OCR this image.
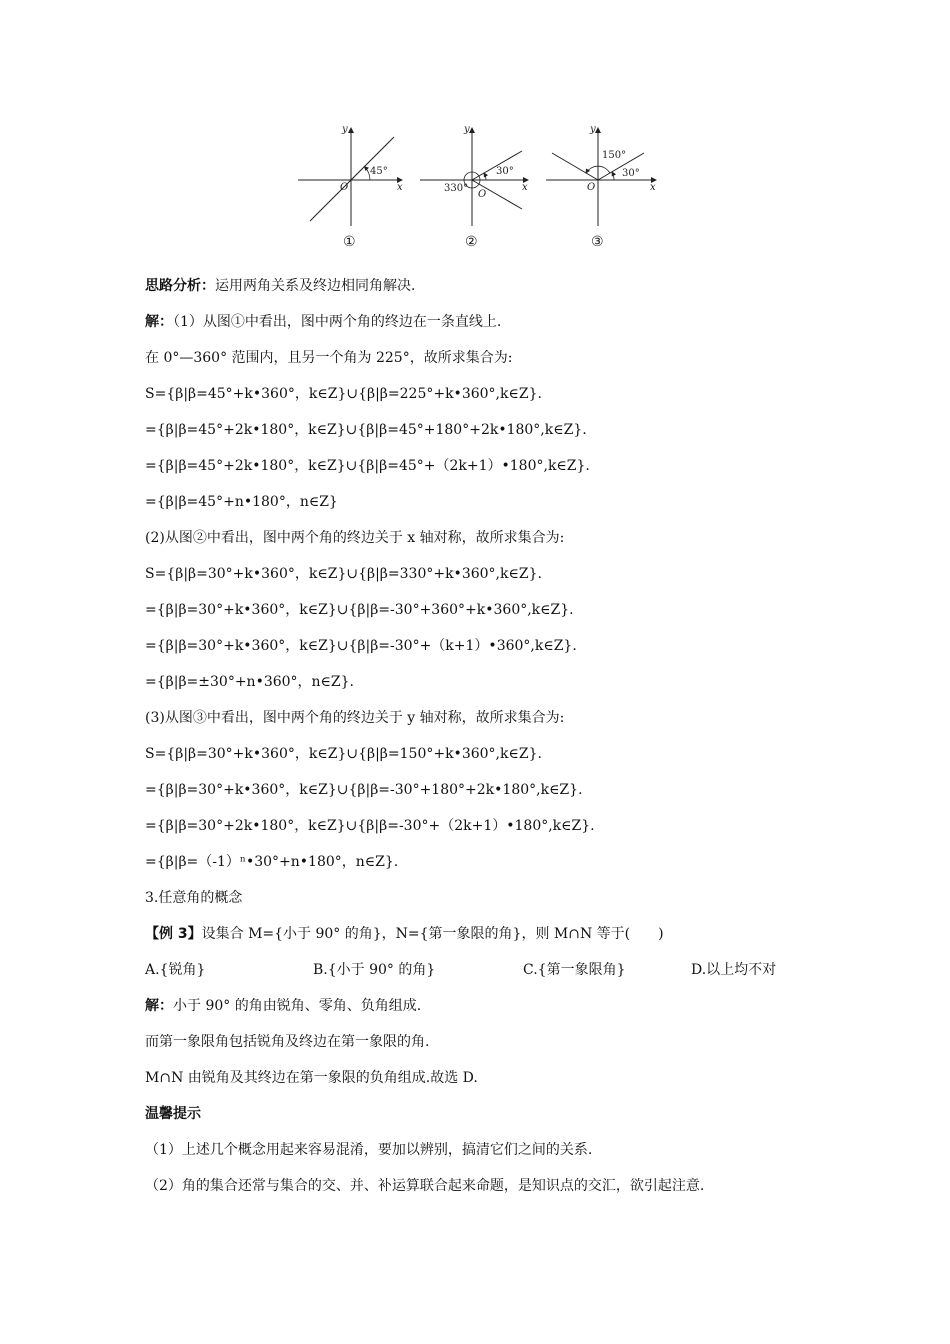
45°
y
x
O
①
30°
330°
y
x
O
②
30°
150°
y
x
O
③
思路分析：运用两角关系及终边相同角解决.
解：（1）从图①中看出，图中两个角的终边在一条直线上.
在 0°—360° 范围内，且另一个角为 225°，故所求集合为:
S={β|β=45°+k•360°，k∈Z}∪{β|β=225°+k•360°,k∈Z}.
={β|β=45°+2k•180°，k∈Z}∪{β|β=45°+180°+2k•180°,k∈Z}.
={β|β=45°+2k•180°，k∈Z}∪{β|β=45°+（2k+1）•180°,k∈Z}.
={β|β=45°+n•180°，n∈Z}
(2)从图②中看出，图中两个角的终边关于 x 轴对称，故所求集合为:
S={β|β=30°+k•360°，k∈Z}∪{β|β=330°+k•360°,k∈Z}.
={β|β=30°+k•360°，k∈Z}∪{β|β=-30°+360°+k•360°,k∈Z}.
={β|β=30°+k•360°，k∈Z}∪{β|β=-30°+（k+1）•360°,k∈Z}.
={β|β=±30°+n•360°，n∈Z}.
(3)从图③中看出，图中两个角的终边关于 y 轴对称，故所求集合为:
S={β|β=30°+k•360°，k∈Z}∪{β|β=150°+k•360°,k∈Z}.
={β|β=30°+k•360°，k∈Z}∪{β|β=-30°+180°+2k•180°,k∈Z}.
={β|β=30°+2k•180°，k∈Z}∪{β|β=-30°+（2k+1）•180°,k∈Z}.
={β|β=（-1）ⁿ•30°+n•180°，n∈Z}.
3.任意角的概念
【例 3】设集合 M={小于 90° 的角}，N={第一象限的角}，则 M∩N 等于(　　)
A.{锐角}	B.{小于 90° 的角}	C.{第一象限角}	D.以上均不对
解：小于 90° 的角由锐角、零角、负角组成.
而第一象限角包括锐角及终边在第一象限的角.
M∩N 由锐角及其终边在第一象限的负角组成.故选 D.
温馨提示
（1）上述几个概念用起来容易混淆，要加以辨别，搞清它们之间的关系.
（2）角的集合还常与集合的交、并、补运算联合起来命题，是知识点的交汇，欲引起注意.
